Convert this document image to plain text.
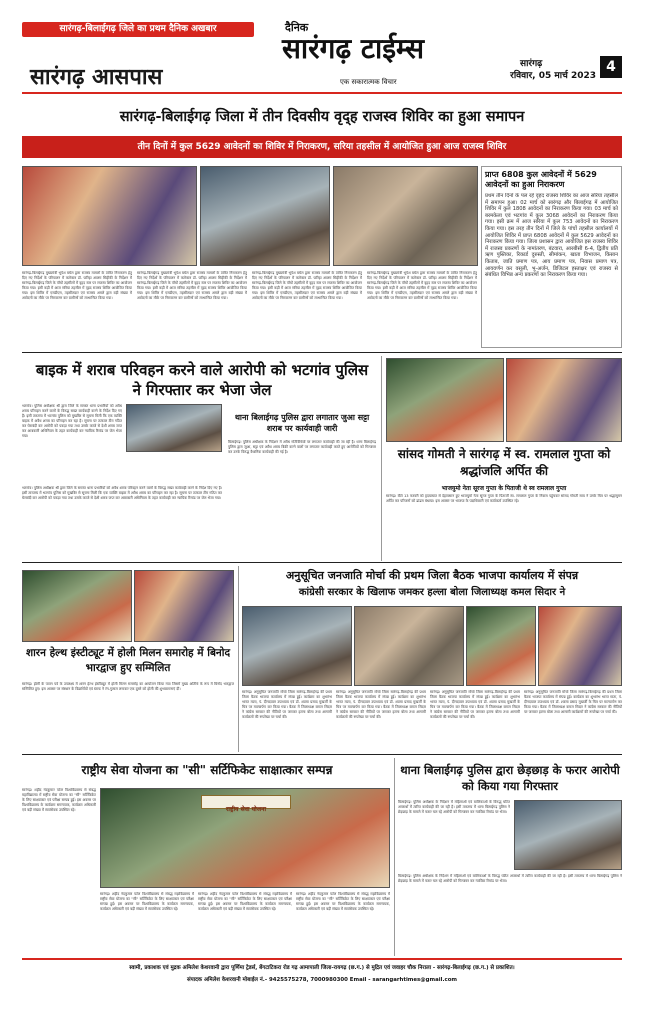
सारंगढ़-बिलाईगढ़ जिले का प्रथम दैनिक अखबार
सारंगढ़ आसपास
दैनिक
सारंगढ़ टाईम्स
एक सकारात्मक विचार
सारंगढ़
रविवार, 05 मार्च 2023
4
सारंगढ़-बिलाईगढ़ जिला में तीन दिवसीय वृद्ह राजस्व शिविर का हुआ समापन
तीन दिनों में कुल 5629 आवेदनों का शिविर में निराकरण, सरिया तहसील में आयोजित हुआ आज राजस्व शिविर
प्राप्त 6808 कुल आवेदनों में 5629 आवेदनों का हुआ निराकरण
प्रथम तीन दिनों के पल रहे वृहद राजस्व शिविर का आज सरिया तहसील में समापन हुआ। 02 मार्च को सारंगढ़ और बिलाईगढ़ में आयोजित शिविर में कुल 1808 आवेदनों का निराकरण किया गया। 03 मार्च को बरमकेला एवं भटगांव में कुल 3068 आवेदनों का निराकरण किया गया। इसी क्रम में आज सरिया में कुल 753 आवेदनों का निराकरण किया गया। इस तरह तीन दिनों में जिले के पांचों तहसील कार्यालयों में आयोजित शिविर में प्राप्त 6808 आवेदनों में कुल 5629 आवेदनों का निराकरण किया गया। जिला प्रशासन द्वारा आयोजित इस राजस्व शिविर में राजस्व प्रकरणों के नामांतरण, बंटवारा, आरबीसी 6-4, द्वितीय प्रति ऋण पुस्तिका, रिकार्ड दुरुस्ती, सीमांकन, खाता विभाजन, किसान किताब, जाति प्रमाण पत्र, आय प्रमाण पत्र, निवास प्रमाण पत्र, आयवर्णन कर वसूली, भू-अर्जन, डिजिटल हस्ताक्षर एवं राजस्व से संबंधित विभिन्न अन्य प्रकरणों का निराकरण किया गया।
सारंगढ़-बिलाईगढ़ मुख्यमंत्री भूपेश बघेल द्वारा राजस्व मामलों के त्वरित निराकरण हेतु दिए गए निर्देशों के परिपालन में कलेक्टर डॉ. फरिहा आलम सिद्दीकी के निर्देशन में सारंगढ़-बिलाईगढ़ जिले के पाँचों तहसीलों में वृहद स्तर पर राजस्व शिविर का आयोजन किया गया। इसी कड़ी में आज सरिया तहसील में वृहद राजस्व शिविर आयोजित किया गया। इस शिविर में एसडीएम, तहसीलदार एवं राजस्व अमले द्वारा बड़ी संख्या में आवेदनों का मौके पर निराकरण कर ग्रामीणों को लाभान्वित किया गया।
सारंगढ़-बिलाईगढ़ मुख्यमंत्री भूपेश बघेल द्वारा राजस्व मामलों के त्वरित निराकरण हेतु दिए गए निर्देशों के परिपालन में कलेक्टर डॉ. फरिहा आलम सिद्दीकी के निर्देशन में सारंगढ़-बिलाईगढ़ जिले के पाँचों तहसीलों में वृहद स्तर पर राजस्व शिविर का आयोजन किया गया। इसी कड़ी में आज सरिया तहसील में वृहद राजस्व शिविर आयोजित किया गया। इस शिविर में एसडीएम, तहसीलदार एवं राजस्व अमले द्वारा बड़ी संख्या में आवेदनों का मौके पर निराकरण कर ग्रामीणों को लाभान्वित किया गया।
सारंगढ़-बिलाईगढ़ मुख्यमंत्री भूपेश बघेल द्वारा राजस्व मामलों के त्वरित निराकरण हेतु दिए गए निर्देशों के परिपालन में कलेक्टर डॉ. फरिहा आलम सिद्दीकी के निर्देशन में सारंगढ़-बिलाईगढ़ जिले के पाँचों तहसीलों में वृहद स्तर पर राजस्व शिविर का आयोजन किया गया। इसी कड़ी में आज सरिया तहसील में वृहद राजस्व शिविर आयोजित किया गया। इस शिविर में एसडीएम, तहसीलदार एवं राजस्व अमले द्वारा बड़ी संख्या में आवेदनों का मौके पर निराकरण कर ग्रामीणों को लाभान्वित किया गया।
सारंगढ़-बिलाईगढ़ मुख्यमंत्री भूपेश बघेल द्वारा राजस्व मामलों के त्वरित निराकरण हेतु दिए गए निर्देशों के परिपालन में कलेक्टर डॉ. फरिहा आलम सिद्दीकी के निर्देशन में सारंगढ़-बिलाईगढ़ जिले के पाँचों तहसीलों में वृहद स्तर पर राजस्व शिविर का आयोजन किया गया। इसी कड़ी में आज सरिया तहसील में वृहद राजस्व शिविर आयोजित किया गया। इस शिविर में एसडीएम, तहसीलदार एवं राजस्व अमले द्वारा बड़ी संख्या में आवेदनों का मौके पर निराकरण कर ग्रामीणों को लाभान्वित किया गया।
बाइक में शराब परिवहन करने वाले आरोपी को भटगांव पुलिस ने गिरफ्तार कर भेजा जेल
भटगांव। पुलिस अधीक्षक श्री द्वारा जिले के समस्त थाना प्रभारियों को अवैध शराब परिवहन करने वालों के विरुद्ध सख्त कार्यवाही करने के निर्देश दिए गए हैं। इसी तारतम्य में भटगांव पुलिस को मुखबिर से सूचना मिली कि एक व्यक्ति बाइक में अवैध शराब का परिवहन कर रहा है। सूचना पर तत्काल टीम गठित कर घेराबंदी कर आरोपी को पकड़ा गया तथा उसके कब्जे से देशी शराब जप्त कर आबकारी अधिनियम के तहत कार्यवाही कर न्यायिक रिमांड पर जेल भेजा गया।
थाना बिलाईगढ़ पुलिस द्वारा लगातार जुआ सट्टा शराब पर कार्यवाही जारी
बिलाईगढ़। पुलिस अधीक्षक के निर्देशन में अवैध गतिविधियों पर लगातार कार्यवाही की जा रही है। थाना बिलाईगढ़ पुलिस द्वारा जुआ, सट्टा एवं अवैध शराब बिक्री करने वालों पर लगातार कार्यवाही करते हुए आरोपियों को गिरफ्तार कर उनके विरुद्ध वैधानिक कार्यवाही की गई है।
भटगांव। पुलिस अधीक्षक श्री द्वारा जिले के समस्त थाना प्रभारियों को अवैध शराब परिवहन करने वालों के विरुद्ध सख्त कार्यवाही करने के निर्देश दिए गए हैं। इसी तारतम्य में भटगांव पुलिस को मुखबिर से सूचना मिली कि एक व्यक्ति बाइक में अवैध शराब का परिवहन कर रहा है। सूचना पर तत्काल टीम गठित कर घेराबंदी कर आरोपी को पकड़ा गया तथा उसके कब्जे से देशी शराब जप्त कर आबकारी अधिनियम के तहत कार्यवाही कर न्यायिक रिमांड पर जेल भेजा गया।
सांसद गोमती ने सारंगढ़ में स्व. रामलाल गुप्ता को श्रद्धांजलि अर्पित की
भाजयुमो नेता सूरज गुप्ता के पिताजी थे स्व रामलाल गुप्ता
सारंगढ़। बीते 13 फरवरी को हृदयाघात से देहावसान हुए भाजयुमो नेता सूरज गुप्ता के पिताजी स्व. रामलाल गुप्ता के निवास पहुंचकर सांसद गोमती साय ने उनके चित्र पर श्रद्धासुमन अर्पित कर परिजनों को ढांढस बंधाया। इस अवसर पर भाजपा के पदाधिकारी एवं कार्यकर्ता उपस्थित रहे।
शारन हेल्थ इंस्टीट्यूट में होली मिलन समारोह में बिनोद भारद्वाज हुए सम्मिलित
सारंगढ़। होली के पावन पर्व के उपलक्ष्य में शारन हेल्थ इंस्टीट्यूट में होली मिलन समारोह का आयोजन किया गया जिसमें मुख्य अतिथि के रूप में बिनोद भारद्वाज सम्मिलित हुए। इस अवसर पर संस्थान के विद्यार्थियों एवं स्टाफ ने रंग-गुलाल लगाकर एक दूसरे को होली की शुभकामनाएं दीं।
अनुसूचित जनजाति मोर्चा की प्रथम जिला बैठक भाजपा कार्यालय में संपन्न
कांग्रेसी सरकार के खिलाफ जमकर हल्ला बोला जिलाध्यक्ष कमल सिदार ने
सारंगढ़। अनुसूचित जनजाति मोर्चा जिला सारंगढ़-बिलाईगढ़ की प्रथम जिला बैठक भाजपा कार्यालय में संपन्न हुई। कार्यक्रम का शुभारंभ भारत माता, पं. दीनदयाल उपाध्याय एवं डॉ. श्यामा प्रसाद मुखर्जी के चित्र पर माल्यार्पण कर किया गया। बैठक में जिलाध्यक्ष कमल सिदार ने कांग्रेस सरकार की नीतियों पर जमकर हल्ला बोला तथा आगामी कार्यक्रमों की रूपरेखा पर चर्चा की।
सारंगढ़। अनुसूचित जनजाति मोर्चा जिला सारंगढ़-बिलाईगढ़ की प्रथम जिला बैठक भाजपा कार्यालय में संपन्न हुई। कार्यक्रम का शुभारंभ भारत माता, पं. दीनदयाल उपाध्याय एवं डॉ. श्यामा प्रसाद मुखर्जी के चित्र पर माल्यार्पण कर किया गया। बैठक में जिलाध्यक्ष कमल सिदार ने कांग्रेस सरकार की नीतियों पर जमकर हल्ला बोला तथा आगामी कार्यक्रमों की रूपरेखा पर चर्चा की।
सारंगढ़। अनुसूचित जनजाति मोर्चा जिला सारंगढ़-बिलाईगढ़ की प्रथम जिला बैठक भाजपा कार्यालय में संपन्न हुई। कार्यक्रम का शुभारंभ भारत माता, पं. दीनदयाल उपाध्याय एवं डॉ. श्यामा प्रसाद मुखर्जी के चित्र पर माल्यार्पण कर किया गया। बैठक में जिलाध्यक्ष कमल सिदार ने कांग्रेस सरकार की नीतियों पर जमकर हल्ला बोला तथा आगामी कार्यक्रमों की रूपरेखा पर चर्चा की।
सारंगढ़। अनुसूचित जनजाति मोर्चा जिला सारंगढ़-बिलाईगढ़ की प्रथम जिला बैठक भाजपा कार्यालय में संपन्न हुई। कार्यक्रम का शुभारंभ भारत माता, पं. दीनदयाल उपाध्याय एवं डॉ. श्यामा प्रसाद मुखर्जी के चित्र पर माल्यार्पण कर किया गया। बैठक में जिलाध्यक्ष कमल सिदार ने कांग्रेस सरकार की नीतियों पर जमकर हल्ला बोला तथा आगामी कार्यक्रमों की रूपरेखा पर चर्चा की।
राष्ट्रीय सेवा योजना का "सी" सर्टिफिकेट साक्षात्कार सम्पन्न
सारंगढ़। शहीद नंदकुमार पटेल विश्वविद्यालय से संबद्ध महाविद्यालय में राष्ट्रीय सेवा योजना का "सी" सर्टिफिकेट के लिए साक्षात्कार एवं परीक्षा सम्पन्न हुई। इस अवसर पर विश्वविद्यालय के कार्यक्रम समन्वयक, कार्यक्रम अधिकारी एवं बड़ी संख्या में स्वयंसेवक उपस्थित रहे।	राष्ट्रीय सेवा योजना
सारंगढ़। शहीद नंदकुमार पटेल विश्वविद्यालय से संबद्ध महाविद्यालय में राष्ट्रीय सेवा योजना का "सी" सर्टिफिकेट के लिए साक्षात्कार एवं परीक्षा सम्पन्न हुई। इस अवसर पर विश्वविद्यालय के कार्यक्रम समन्वयक, कार्यक्रम अधिकारी एवं बड़ी संख्या में स्वयंसेवक उपस्थित रहे।
सारंगढ़। शहीद नंदकुमार पटेल विश्वविद्यालय से संबद्ध महाविद्यालय में राष्ट्रीय सेवा योजना का "सी" सर्टिफिकेट के लिए साक्षात्कार एवं परीक्षा सम्पन्न हुई। इस अवसर पर विश्वविद्यालय के कार्यक्रम समन्वयक, कार्यक्रम अधिकारी एवं बड़ी संख्या में स्वयंसेवक उपस्थित रहे।
सारंगढ़। शहीद नंदकुमार पटेल विश्वविद्यालय से संबद्ध महाविद्यालय में राष्ट्रीय सेवा योजना का "सी" सर्टिफिकेट के लिए साक्षात्कार एवं परीक्षा सम्पन्न हुई। इस अवसर पर विश्वविद्यालय के कार्यक्रम समन्वयक, कार्यक्रम अधिकारी एवं बड़ी संख्या में स्वयंसेवक उपस्थित रहे।
थाना बिलाईगढ़ पुलिस द्वारा छेड़छाड़ के फरार आरोपी को किया गया गिरफ्तार
बिलाईगढ़। पुलिस अधीक्षक के निर्देशन में महिलाओं एवं बालिकाओं के विरुद्ध घटित अपराधों में त्वरित कार्यवाही की जा रही है। इसी तारतम्य में थाना बिलाईगढ़ पुलिस ने छेड़छाड़ के मामले में फरार चल रहे आरोपी को गिरफ्तार कर न्यायिक रिमांड पर भेजा।
बिलाईगढ़। पुलिस अधीक्षक के निर्देशन में महिलाओं एवं बालिकाओं के विरुद्ध घटित अपराधों में त्वरित कार्यवाही की जा रही है। इसी तारतम्य में थाना बिलाईगढ़ पुलिस ने छेड़छाड़ के मामले में फरार चल रहे आरोपी को गिरफ्तार कर न्यायिक रिमांड पर भेजा।
स्वामी, प्रकाशक एवं मुद्रक अमिलेश केशरवानी द्वारा पूर्णिमा ट्रेडर्स, बेंगटाटिकरा रोड गढ़ आमापाली जिला-रायगढ़ (छ.ग.) से मुद्रित एवं जवाहर चौक निराला - सारंगढ़-बिलाईगढ़ (छ.ग.) से प्रकाशित।
संपादक अमिलेश केशरवानी मोबाईल नं.- 9425575278, 7000980300 Email - sarangarhtimes@gmail.com
